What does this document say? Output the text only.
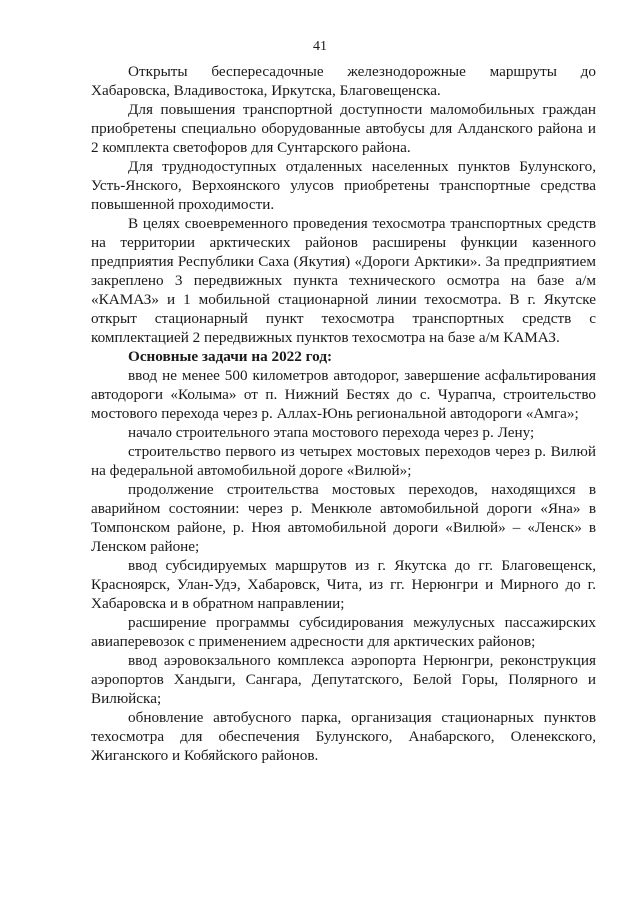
41

Открыты беспересадочные железнодорожные маршруты до Хабаровска, Владивостока, Иркутска, Благовещенска.

Для повышения транспортной доступности маломобильных граждан приобретены специально оборудованные автобусы для Алданского района и 2 комплекта светофоров для Сунтарского района.

Для труднодоступных отдаленных населенных пунктов Булунского, Усть-Янского, Верхоянского улусов приобретены транспортные средства повышенной проходимости.

В целях своевременного проведения техосмотра транспортных средств на территории арктических районов расширены функции казенного предприятия Республики Саха (Якутия) «Дороги Арктики». За предприятием закреплено 3 передвижных пункта технического осмотра на базе а/м «КАМАЗ» и 1 мобильной стационарной линии техосмотра. В г. Якутске открыт стационарный пункт техосмотра транспортных средств с комплектацией 2 передвижных пунктов техосмотра на базе а/м КАМАЗ.

Основные задачи на 2022 год:

ввод не менее 500 километров автодорог, завершение асфальтирования автодороги «Колыма» от п. Нижний Бестях до с. Чурапча, строительство мостового перехода через р. Аллах-Юнь региональной автодороги «Амга»;

начало строительного этапа мостового перехода через р. Лену;

строительство первого из четырех мостовых переходов через р. Вилюй на федеральной автомобильной дороге «Вилюй»;

продолжение строительства мостовых переходов, находящихся в аварийном состоянии: через р. Менкюле автомобильной дороги «Яна» в Томпонском районе, р. Нюя автомобильной дороги «Вилюй» – «Ленск» в Ленском районе;

ввод субсидируемых маршрутов из г. Якутска до гг. Благовещенск, Красноярск, Улан-Удэ, Хабаровск, Чита, из гг. Нерюнгри и Мирного до г. Хабаровска и в обратном направлении;

расширение программы субсидирования межулусных пассажирских авиаперевозок с применением адресности для арктических районов;

ввод аэровокзального комплекса аэропорта Нерюнгри, реконструкция аэропортов Хандыги, Сангара, Депутатского, Белой Горы, Полярного и Вилюйска;

обновление автобусного парка, организация стационарных пунктов техосмотра для обеспечения Булунского, Анабарского, Оленекского, Жиганского и Кобяйского районов.
